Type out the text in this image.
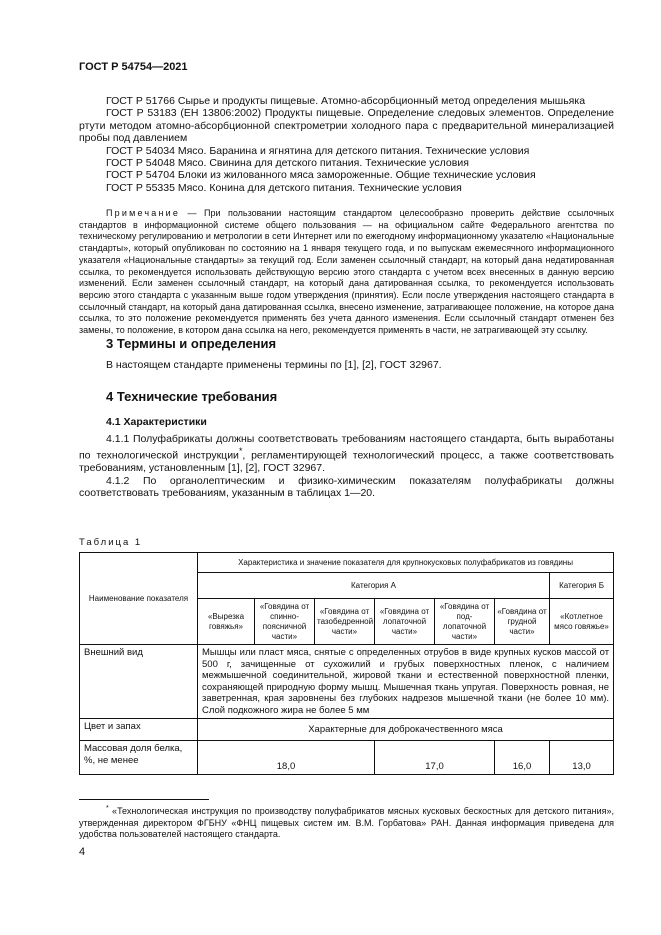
ГОСТ Р 54754—2021

ГОСТ Р 51766 Сырье и продукты пищевые. Атомно-абсорбционный метод определения мышьяка

ГОСТ Р 53183 (ЕН 13806:2002) Продукты пищевые. Определение следовых элементов. Определение ртути методом атомно-абсорбционной спектрометрии холодного пара с предварительной минерализацией пробы под давлением

ГОСТ Р 54034 Мясо. Баранина и ягнятина для детского питания. Технические условия

ГОСТ Р 54048 Мясо. Свинина для детского питания. Технические условия

ГОСТ Р 54704 Блоки из жилованного мяса замороженные. Общие технические условия

ГОСТ Р 55335 Мясо. Конина для детского питания. Технические условия

Примечание — При пользовании настоящим стандартом целесообразно проверить действие ссылочных стандартов в информационной системе общего пользования — на официальном сайте Федерального агентства по техническому регулированию и метрологии в сети Интернет или по ежегодному информационному указателю «Национальные стандарты», который опубликован по состоянию на 1 января текущего года, и по выпускам ежемесячного информационного указателя «Национальные стандарты» за текущий год. Если заменен ссылочный стандарт, на который дана недатированная ссылка, то рекомендуется использовать действующую версию этого стандарта с учетом всех внесенных в данную версию изменений. Если заменен ссылочный стандарт, на который дана датированная ссылка, то рекомендуется использовать версию этого стандарта с указанным выше годом утверждения (принятия). Если после утверждения настоящего стандарта в ссылочный стандарт, на который дана датированная ссылка, внесено изменение, затрагивающее положение, на которое дана ссылка, то это положение рекомендуется применять без учета данного изменения. Если ссылочный стандарт отменен без замены, то положение, в котором дана ссылка на него, рекомендуется применять в части, не затрагивающей эту ссылку.

3 Термины и определения
В настоящем стандарте применены термины по [1], [2], ГОСТ 32967.
4 Технические требования
4.1 Характеристики

4.1.1 Полуфабрикаты должны соответствовать требованиям настоящего стандарта, быть выработаны по технологической инструкции*, регламентирующей технологический процесс, а также соответствовать требованиям, установленным [1], [2], ГОСТ 32967.

4.1.2 По органолептическим и физико-химическим показателям полуфабрикаты должны соответствовать требованиям, указанным в таблицах 1—20.

Таблица 1
Наименование показателя	Характеристика и значение показателя для крупнокусковых полуфабрикатов из говядины						
	Категория А						Категория Б
	«Вырезка говяжья»	«Говядина от спинно-поясничной части»	«Говядина от тазобедренной части»	«Говядина от лопаточной части»	«Говядина от под-лопаточной части»	«Говядина от грудной части»	«Котлетное мясо говяжье»
Внешний вид	Мышцы или пласт мяса, снятые с определенных отрубов в виде крупных кусков массой от 500 г, зачищенные от сухожилий и грубых поверхностных пленок, с наличием межмышечной соединительной, жировой ткани и естественной поверхностной пленки, сохраняющей природную форму мышц. Мышечная ткань упругая. Поверхность ровная, не заветренная, края заровнены без глубоких надрезов мышечной ткани (не более 10 мм). Слой подкожного жира не более 5 мм						
Цвет и запах	Характерные для доброкачественного мяса						
Массовая доля белка, %, не менее	18,0			17,0		16,0	13,0

* «Технологическая инструкция по производству полуфабрикатов мясных кусковых бескостных для детского питания», утвержденная директором ФГБНУ «ФНЦ пищевых систем им. В.М. Горбатова» РАН. Данная информация приведена для удобства пользователей настоящего стандарта.

4
